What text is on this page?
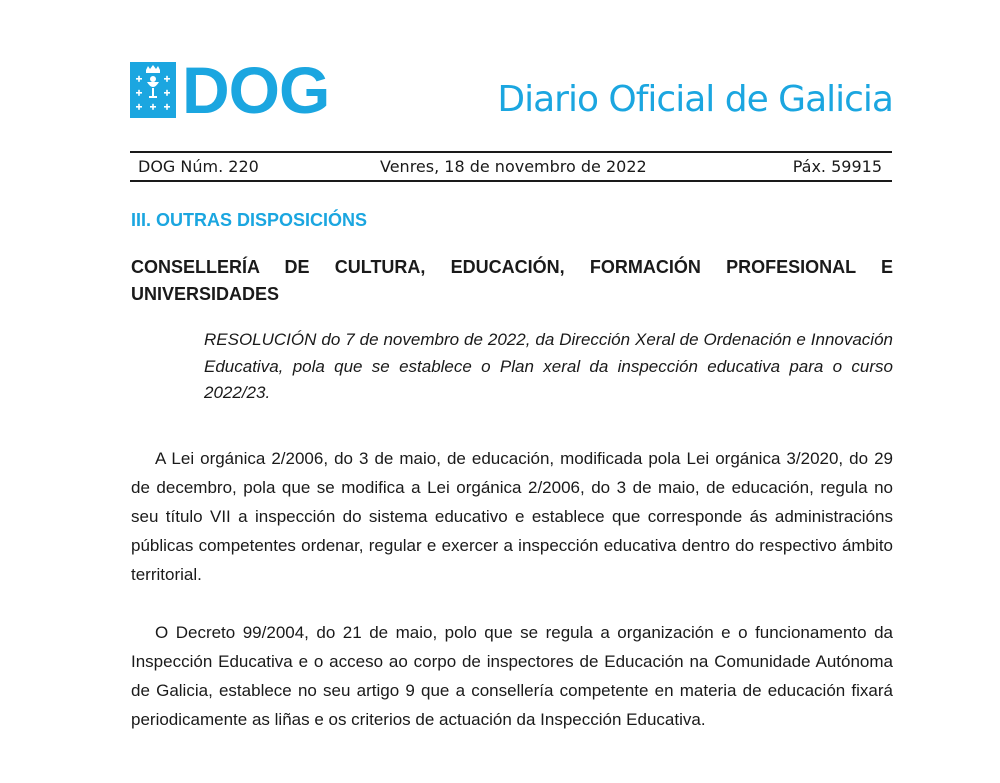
DOG	Diario Oficial de Galicia
DOG Núm. 220	Venres, 18 de novembro de 2022	Páx. 59915
III. OUTRAS DISPOSICIÓNS
CONSELLERÍA DE CULTURA, EDUCACIÓN, FORMACIÓN PROFESIONAL E UNIVERSIDADES
RESOLUCIÓN do 7 de novembro de 2022, da Dirección Xeral de Ordenación e Innovación Educativa, pola que se establece o Plan xeral da inspección educativa para o curso 2022/23.
A Lei orgánica 2/2006, do 3 de maio, de educación, modificada pola Lei orgánica 3/2020, do 29 de decembro, pola que se modifica a Lei orgánica 2/2006, do 3 de maio, de educación, regula no seu título VII a inspección do sistema educativo e establece que corresponde ás administracións públicas competentes ordenar, regular e exercer a inspección educativa dentro do respectivo ámbito territorial.
O Decreto 99/2004, do 21 de maio, polo que se regula a organización e o funcionamento da Inspección Educativa e o acceso ao corpo de inspectores de Educación na Comunidade Autónoma de Galicia, establece no seu artigo 9 que a consellería competente en materia de educación fixará periodicamente as liñas e os criterios de actuación da Inspección Educativa.
